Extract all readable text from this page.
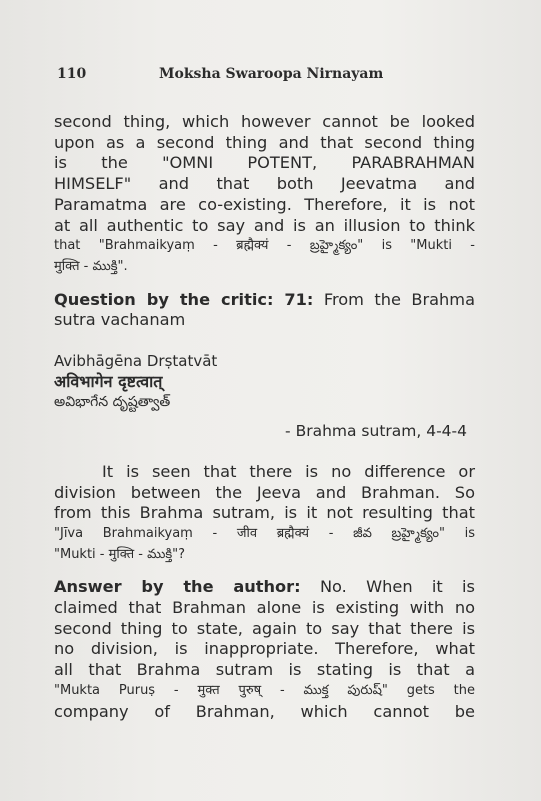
110	Moksha Swaroopa Nirnayam

second thing, which however cannot be looked

upon as a second thing and that second thing

is the "OMNI POTENT, PARABRAHMAN

HIMSELF" and that both Jeevatma and

Paramatma are co-existing. Therefore, it is not

at all authentic to say and is an illusion to think

that "Brahmaikyaṃ - ब्रह्मैक्यं - బ్రహ్మైక్యం" is "Mukti -

मुक्ति - ముక్తి".

Question by the critic: 71: From the Brahma

sutra vachanam

Avibhāgēna Drṣtatvāt

अविभागेन दृष्टत्वात्

అవిభాగేన దృష్టత్వాత్

- Brahma sutram, 4-4-4

It is seen that there is no difference or

division between the Jeeva and Brahman. So

from this Brahma sutram, is it not resulting that

"Jīva Brahmaikyaṃ - जीव ब्रह्मैक्यं - జీవ బ్రహ్మైక్యం" is

"Mukti - मुक्ति - ముక్తి"?

Answer by the author: No. When it is

claimed that Brahman alone is existing with no

second thing to state, again to say that there is

no division, is inappropriate. Therefore, what

all that Brahma sutram is stating is that a

"Mukta Puruṣ - मुक्त पुरुष् - ముక్త పురుష్" gets the

company of Brahman, which cannot be
